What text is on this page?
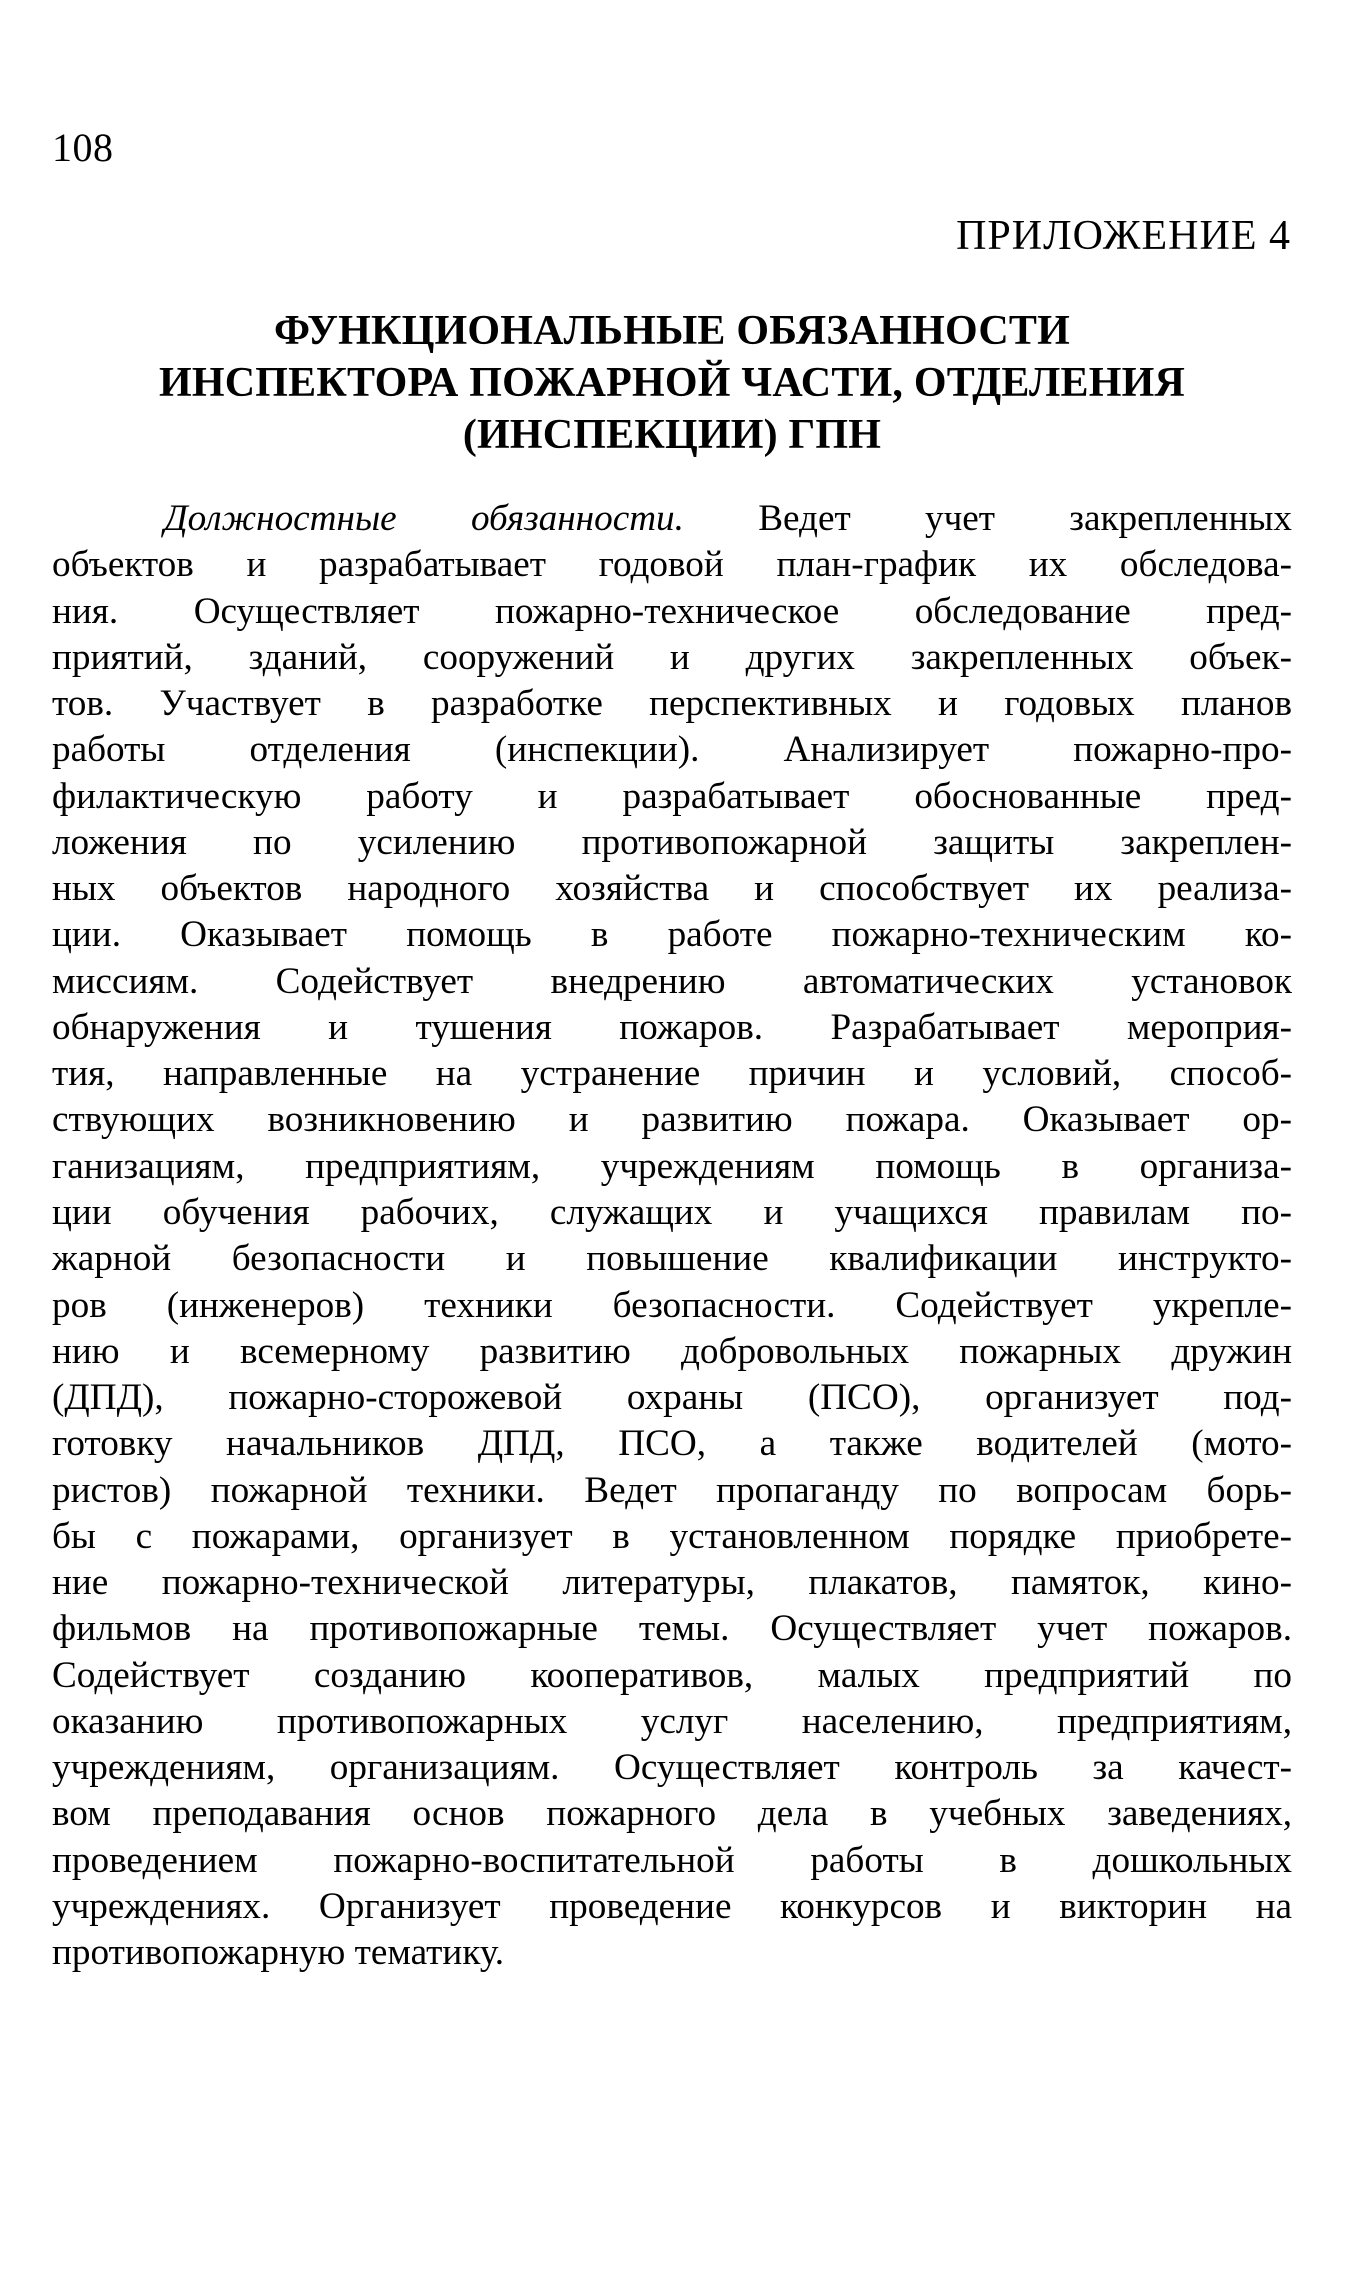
108
ПРИЛОЖЕНИЕ 4
ФУНКЦИОНАЛЬНЫЕ ОБЯЗАННОСТИ
ИНСПЕКТОРА ПОЖАРНОЙ ЧАСТИ, ОТДЕЛЕНИЯ
(ИНСПЕКЦИИ) ГПН
Должностные обязанности. Ведет учет закрепленных
объектов и разрабатывает годовой план-график их обследова-
ния. Осуществляет пожарно-техническое обследование пред-
приятий, зданий, сооружений и других закрепленных объек-
тов. Участвует в разработке перспективных и годовых планов
работы отделения (инспекции). Анализирует пожарно-про-
филактическую работу и разрабатывает обоснованные пред-
ложения по усилению противопожарной защиты закреплен-
ных объектов народного хозяйства и способствует их реализа-
ции. Оказывает помощь в работе пожарно-техническим ко-
миссиям. Содействует внедрению автоматических установок
обнаружения и тушения пожаров. Разрабатывает мероприя-
тия, направленные на устранение причин и условий, способ-
ствующих возникновению и развитию пожара. Оказывает ор-
ганизациям, предприятиям, учреждениям помощь в организа-
ции обучения рабочих, служащих и учащихся правилам по-
жарной безопасности и повышение квалификации инструкто-
ров (инженеров) техники безопасности. Содействует укрепле-
нию и всемерному развитию добровольных пожарных дружин
(ДПД), пожарно-сторожевой охраны (ПСО), организует под-
готовку начальников ДПД, ПСО, а также водителей (мото-
ристов) пожарной техники. Ведет пропаганду по вопросам борь-
бы с пожарами, организует в установленном порядке приобрете-
ние пожарно-технической литературы, плакатов, памяток, кино-
фильмов на противопожарные темы. Осуществляет учет пожаров.
Содействует созданию кооперативов, малых предприятий по
оказанию противопожарных услуг населению, предприятиям,
учреждениям, организациям. Осуществляет контроль за качест-
вом преподавания основ пожарного дела в учебных заведениях,
проведением пожарно-воспитательной работы в дошкольных
учреждениях. Организует проведение конкурсов и викторин на
противопожарную тематику.
